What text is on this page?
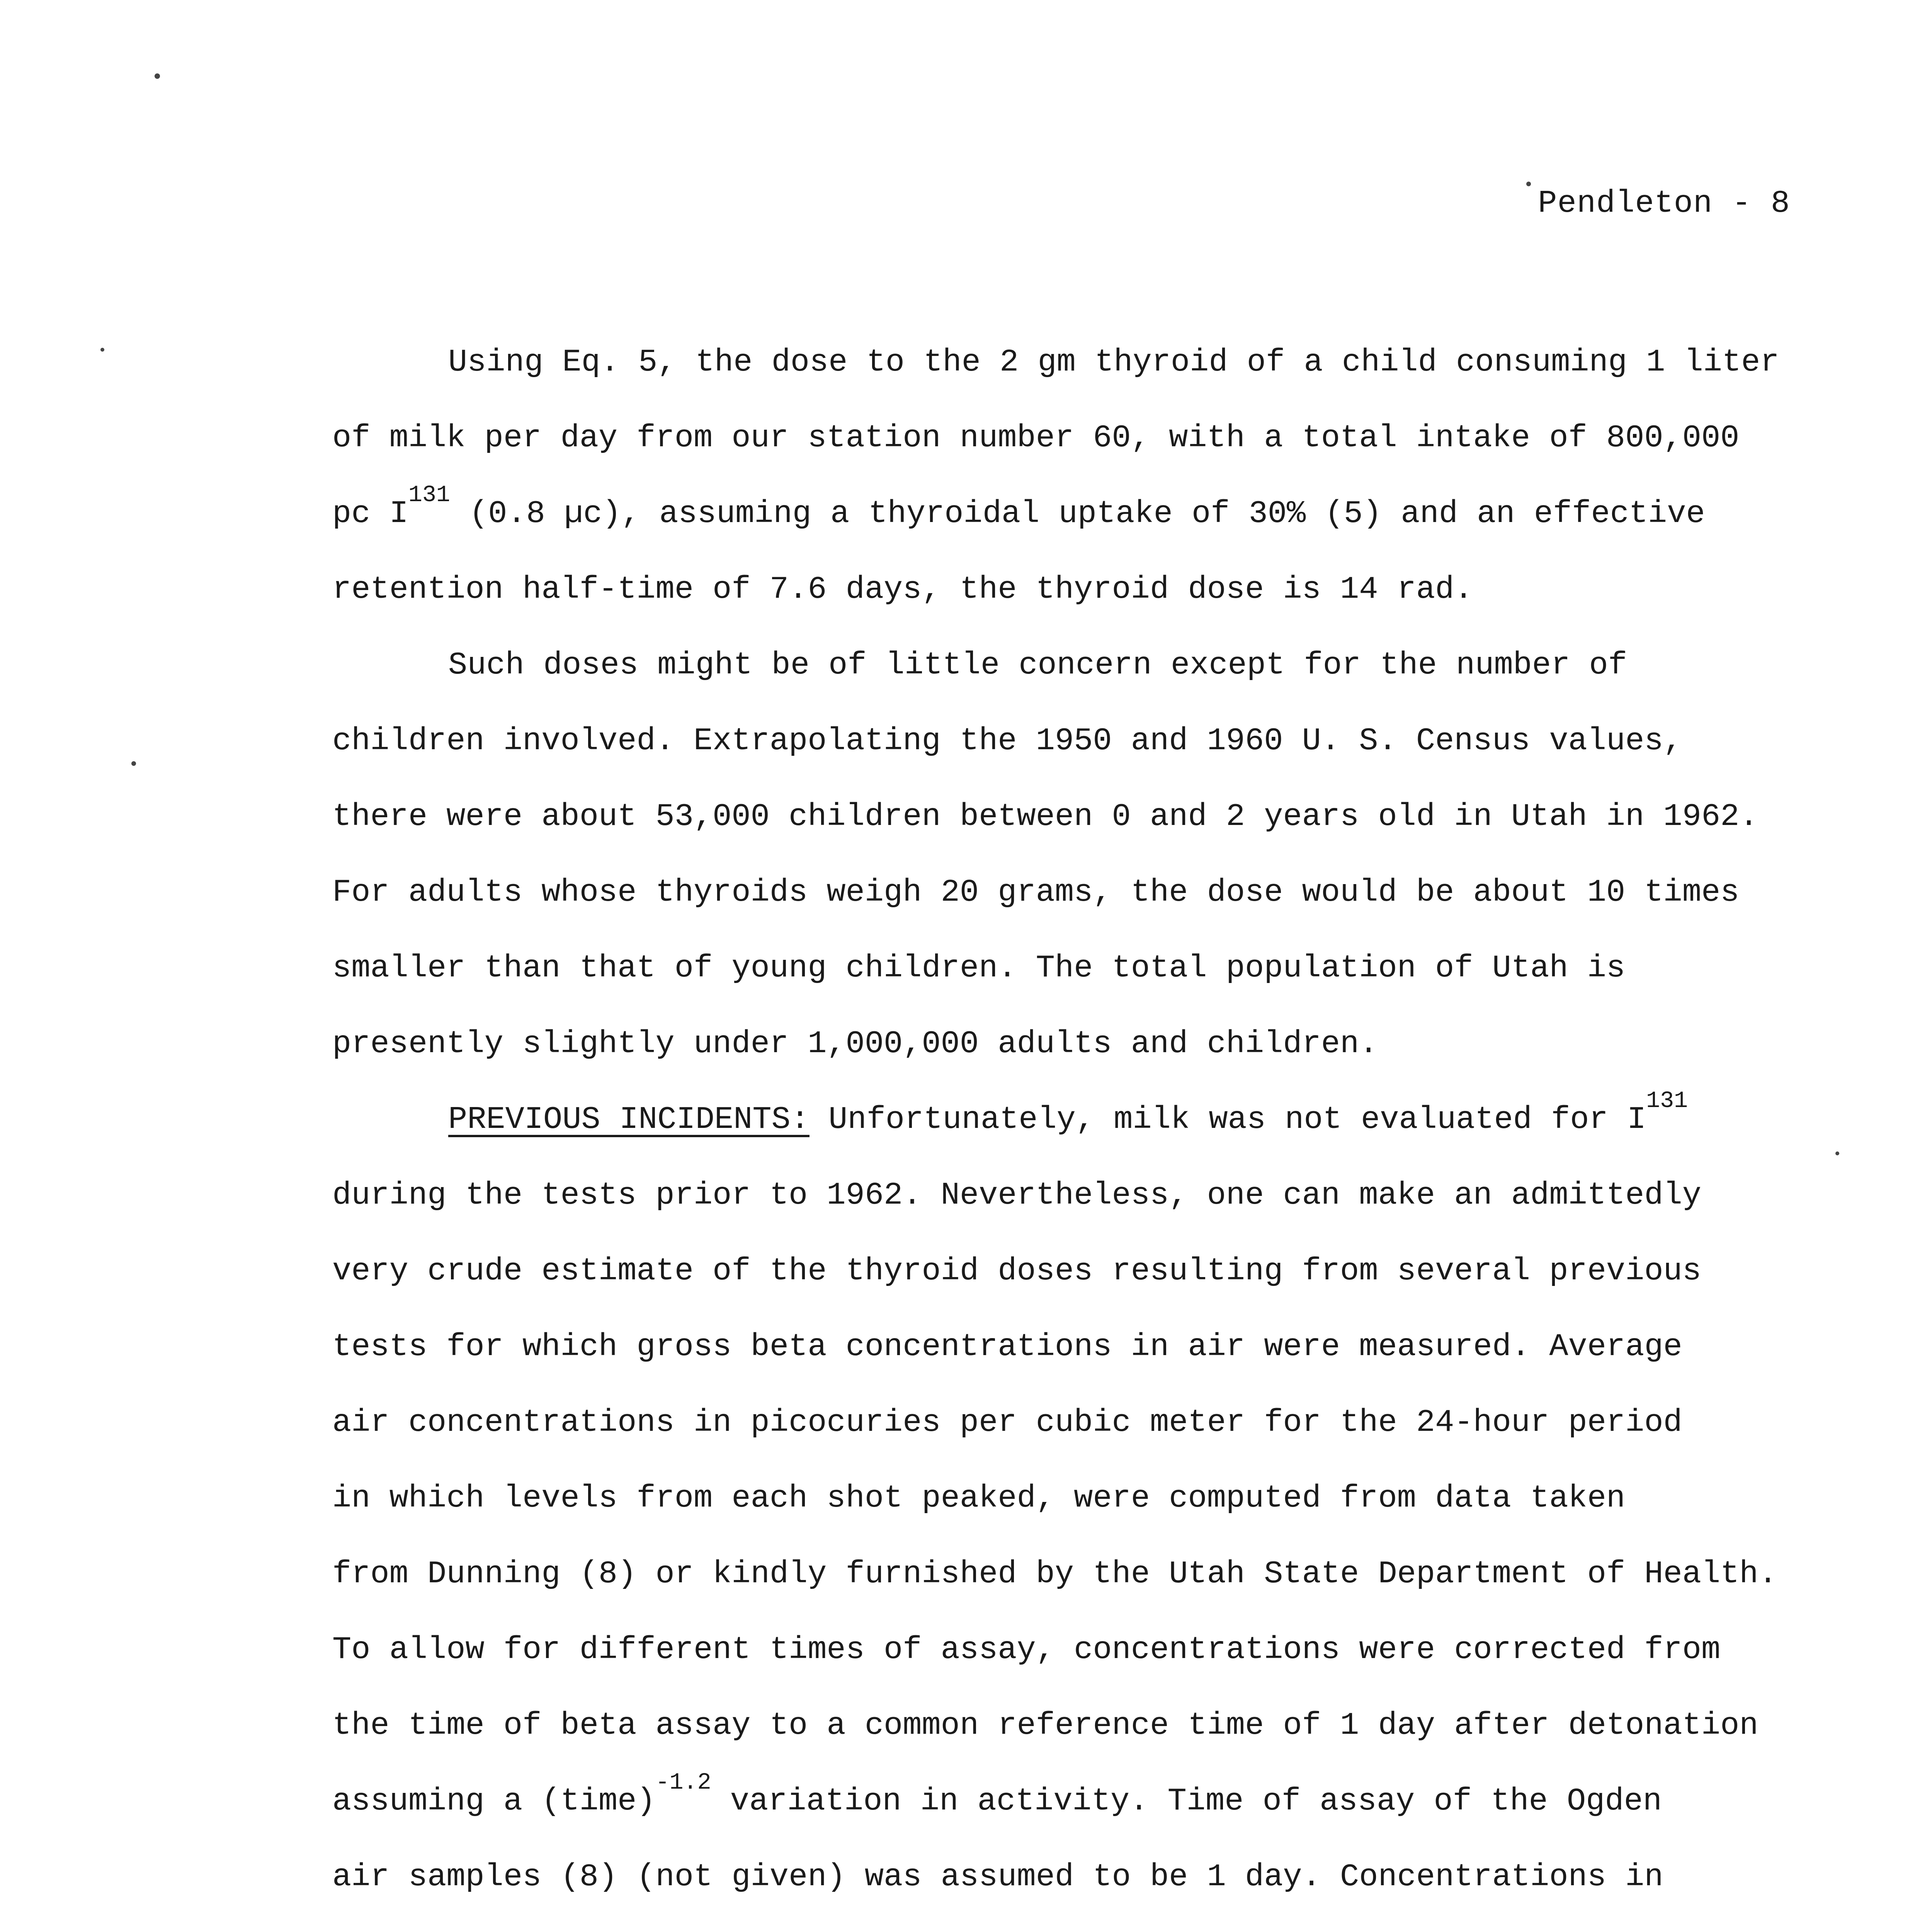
Pendleton - 8
Using Eq. 5, the dose to the 2 gm thyroid of a child consuming 1 liter
of milk per day from our station number 60, with a total intake of 800,000
pc $I^{131}$ (0.8 µc), assuming a thyroidal uptake of 30% (5) and an effective
retention half-time of 7.6 days, the thyroid dose is 14 rad.
Such doses might be of little concern except for the number of
children involved. Extrapolating the 1950 and 1960 U. S. Census values,
there were about 53,000 children between 0 and 2 years old in Utah in 1962.
For adults whose thyroids weigh 20 grams, the dose would be about 10 times
smaller than that of young children. The total population of Utah is
presently slightly under 1,000,000 adults and children.
PREVIOUS INCIDENTS: Unfortunately, milk was not evaluated for $I^{131}$
during the tests prior to 1962. Nevertheless, one can make an admittedly
very crude estimate of the thyroid doses resulting from several previous
tests for which gross beta concentrations in air were measured. Average
air concentrations in picocuries per cubic meter for the 24-hour period
in which levels from each shot peaked, were computed from data taken
from Dunning (8) or kindly furnished by the Utah State Department of Health.
To allow for different times of assay, concentrations were corrected from
the time of beta assay to a common reference time of 1 day after detonation
assuming a (time)$^{-1.2}$ variation in activity. Time of assay of the Ogden
air samples (8) (not given) was assumed to be 1 day. Concentrations in
